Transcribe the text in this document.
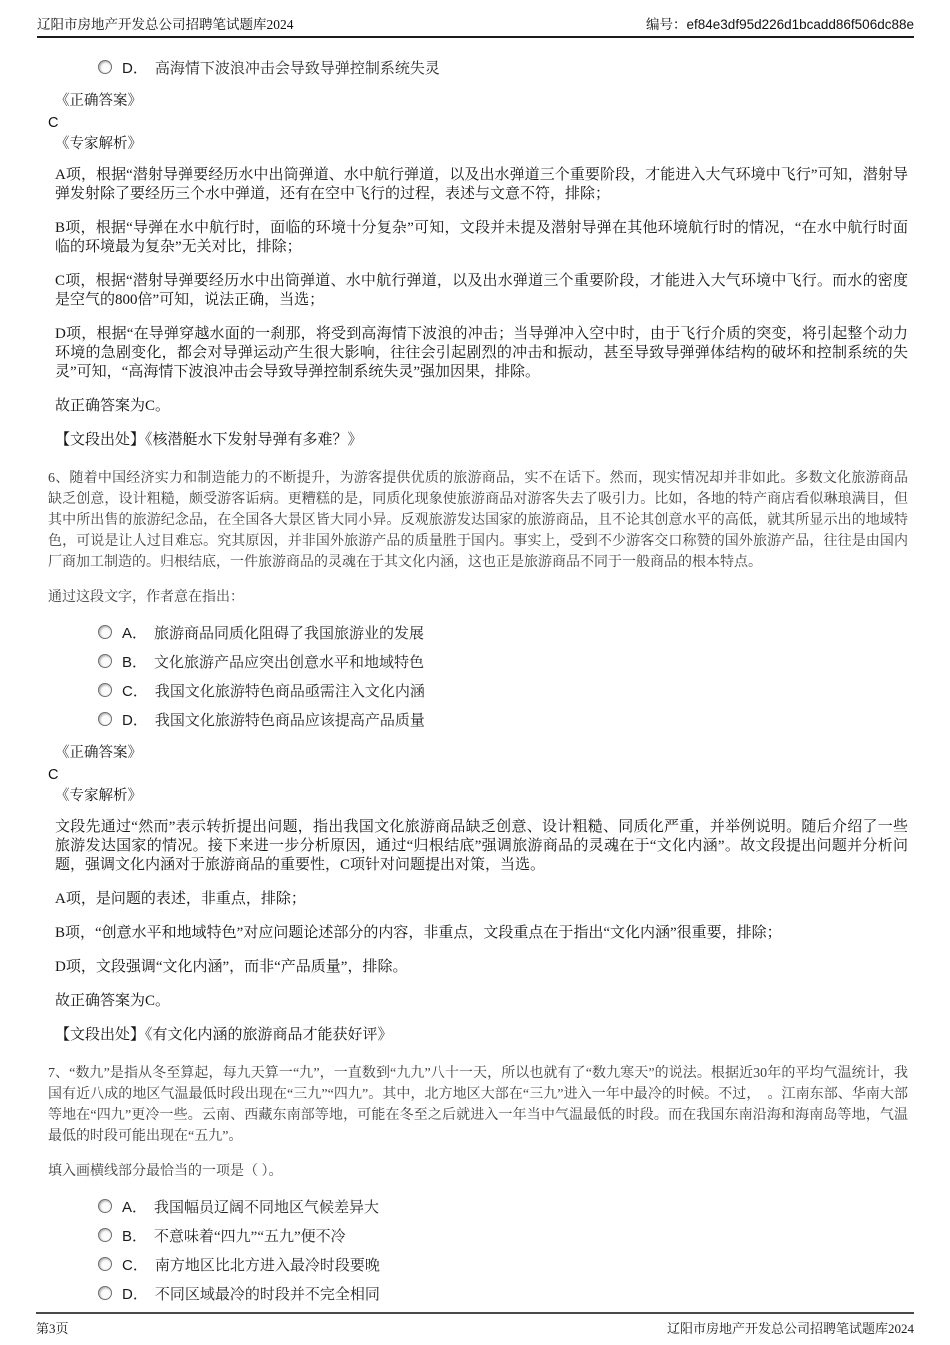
辽阳市房地产开发总公司招聘笔试题库2024	编号：ef84e3df95d226d1bcadd86f506dc88e
D． 高海情下波浪冲击会导致导弹控制系统失灵
《正确答案》
C
《专家解析》

A项，根据“潜射导弹要经历水中出筒弹道、水中航行弹道，以及出水弹道三个重要阶段，才能进入大气环境中飞行”可知，潜射导弹发射除了要经历三个水中弹道，还有在空中飞行的过程，表述与文意不符，排除；

B项，根据“导弹在水中航行时，面临的环境十分复杂”可知，文段并未提及潜射导弹在其他环境航行时的情况，“在水中航行时面临的环境最为复杂”无关对比，排除；

C项，根据“潜射导弹要经历水中出筒弹道、水中航行弹道，以及出水弹道三个重要阶段，才能进入大气环境中飞行。而水的密度是空气的800倍”可知，说法正确，当选；

D项，根据“在导弹穿越水面的一刹那，将受到高海情下波浪的冲击；当导弹冲入空中时，由于飞行介质的突变，将引起整个动力环境的急剧变化，都会对导弹运动产生很大影响，往往会引起剧烈的冲击和振动，甚至导致导弹弹体结构的破坏和控制系统的失灵”可知，“高海情下波浪冲击会导致导弹控制系统失灵”强加因果，排除。

故正确答案为C。

【文段出处】《核潜艇水下发射导弹有多难？》

6、随着中国经济实力和制造能力的不断提升，为游客提供优质的旅游商品，实不在话下。然而，现实情况却并非如此。多数文化旅游商品缺乏创意，设计粗糙，颇受游客诟病。更糟糕的是，同质化现象使旅游商品对游客失去了吸引力。比如，各地的特产商店看似琳琅满目，但其中所出售的旅游纪念品，在全国各大景区皆大同小异。反观旅游发达国家的旅游商品，且不论其创意水平的高低，就其所显示出的地域特色，可说是让人过目难忘。究其原因，并非国外旅游产品的质量胜于国内。事实上，受到不少游客交口称赞的国外旅游产品，往往是由国内厂商加工制造的。归根结底，一件旅游商品的灵魂在于其文化内涵，这也正是旅游商品不同于一般商品的根本特点。

通过这段文字，作者意在指出：

A． 旅游商品同质化阻碍了我国旅游业的发展
B． 文化旅游产品应突出创意水平和地域特色
C． 我国文化旅游特色商品亟需注入文化内涵
D． 我国文化旅游特色商品应该提高产品质量
《正确答案》
C
《专家解析》

文段先通过“然而”表示转折提出问题，指出我国文化旅游商品缺乏创意、设计粗糙、同质化严重，并举例说明。随后介绍了一些旅游发达国家的情况。接下来进一步分析原因，通过“归根结底”强调旅游商品的灵魂在于“文化内涵”。故文段提出问题并分析问题，强调文化内涵对于旅游商品的重要性，C项针对问题提出对策，当选。

A项，是问题的表述，非重点，排除；

B项，“创意水平和地域特色”对应问题论述部分的内容，非重点，文段重点在于指出“文化内涵”很重要，排除；

D项，文段强调“文化内涵”，而非“产品质量”，排除。

故正确答案为C。

【文段出处】《有文化内涵的旅游商品才能获好评》

7、“数九”是指从冬至算起，每九天算一“九”，一直数到“九九”八十一天，所以也就有了“数九寒天”的说法。根据近30年的平均气温统计，我国有近八成的地区气温最低时段出现在“三九”“四九”。其中，北方地区大部在“三九”进入一年中最冷的时候。不过，　。江南东部、华南大部等地在“四九”更冷一些。云南、西藏东南部等地，可能在冬至之后就进入一年当中气温最低的时段。而在我国东南沿海和海南岛等地，气温最低的时段可能出现在“五九”。

填入画横线部分最恰当的一项是（ ）。

A． 我国幅员辽阔不同地区气候差异大
B． 不意味着“四九”“五九”便不冷
C． 南方地区比北方进入最冷时段要晚
D． 不同区域最冷的时段并不完全相同
第3页	辽阳市房地产开发总公司招聘笔试题库2024
